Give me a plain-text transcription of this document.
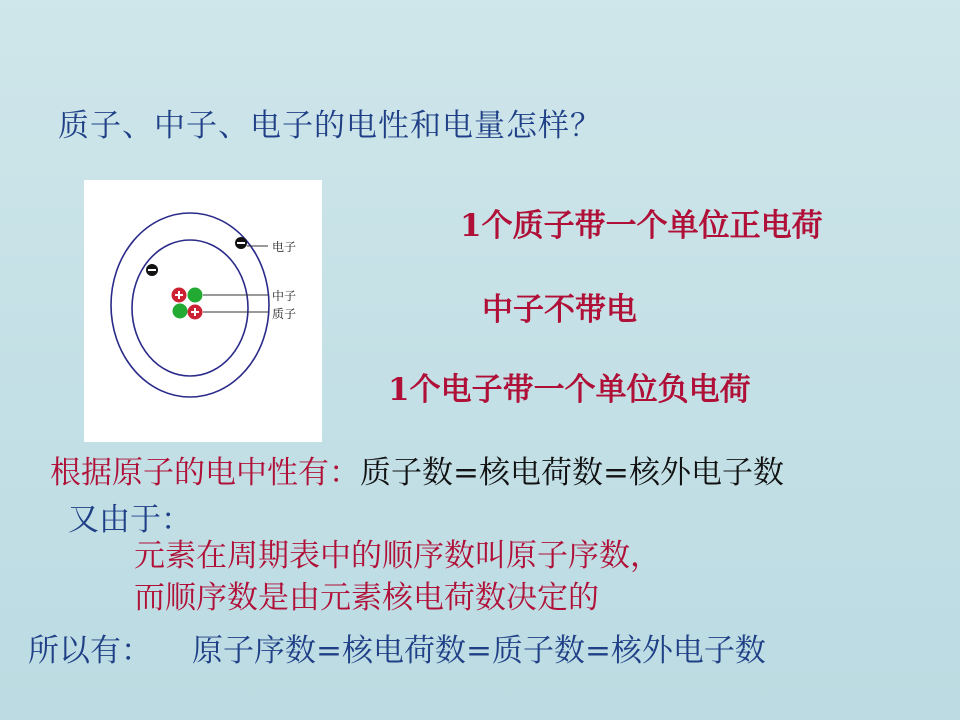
质子、中子、电子的电性和电量怎样？
电子
中子
质子
1个质子带一个单位正电荷
中子不带电
1个电子带一个单位负电荷
根据原子的电中性有：质子数=核电荷数=核外电子数
又由于：
元素在周期表中的顺序数叫原子序数，
而顺序数是由元素核电荷数决定的
所以有： 原子序数=核电荷数=质子数=核外电子数
